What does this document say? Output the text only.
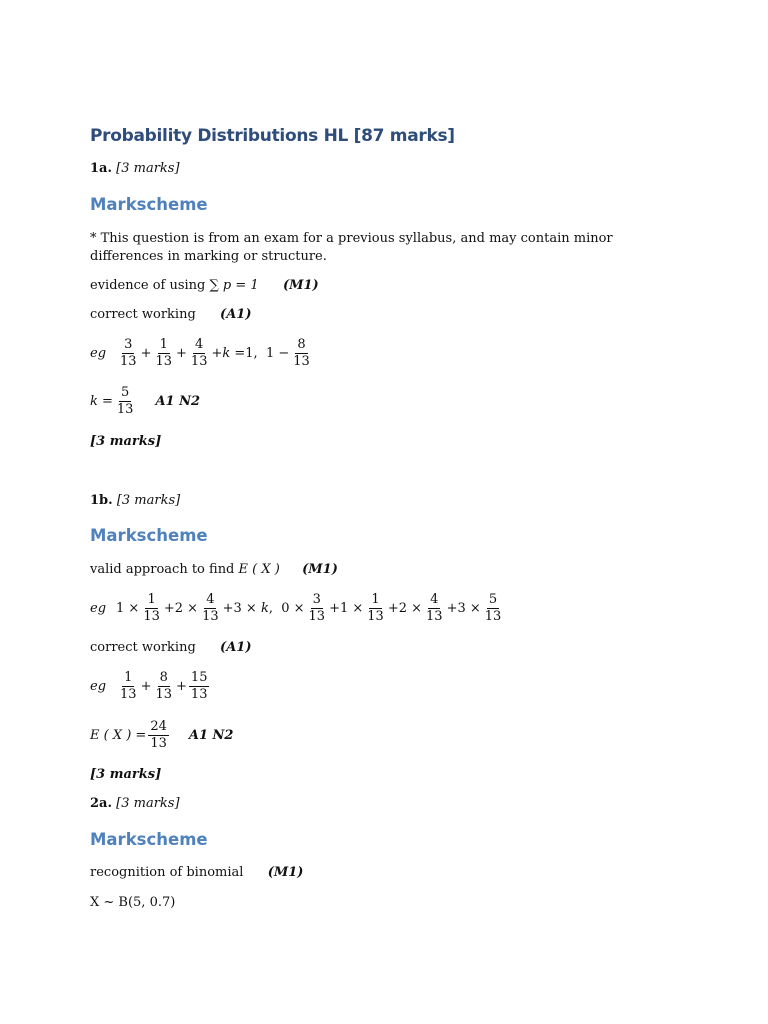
Probability Distributions HL [87 marks]
1a. [3 marks]
Markscheme
* This question is from an exam for a previous syllabus, and may contain minor differences in marking or structure.
evidence of using ∑ p = 1 (M1)
correct working (A1)
eg $\frac{3}{13} + \frac{1}{13} + \frac{4}{13} +k =1$,  $1 - \frac{8}{13}$
$k = \frac{5}{13} A1$ N2
[3 marks]
1b. [3 marks]
Markscheme
valid approach to find E ( X ) (M1)
eg $1 \times \frac{1}{13} +2 \times \frac{4}{13} +3 \times k$,  $0 \times \frac{3}{13} +1 \times \frac{1}{13} +2 \times \frac{4}{13} +3 \times \frac{5}{13}$
correct working (A1)
eg $\frac{1}{13} + \frac{8}{13} + \frac{15}{13}$
E ( X ) = $\frac{24}{13} A1$ N2
[3 marks]
2a. [3 marks]
Markscheme
recognition of binomial (M1)
X ~ B(5, 0.7)
